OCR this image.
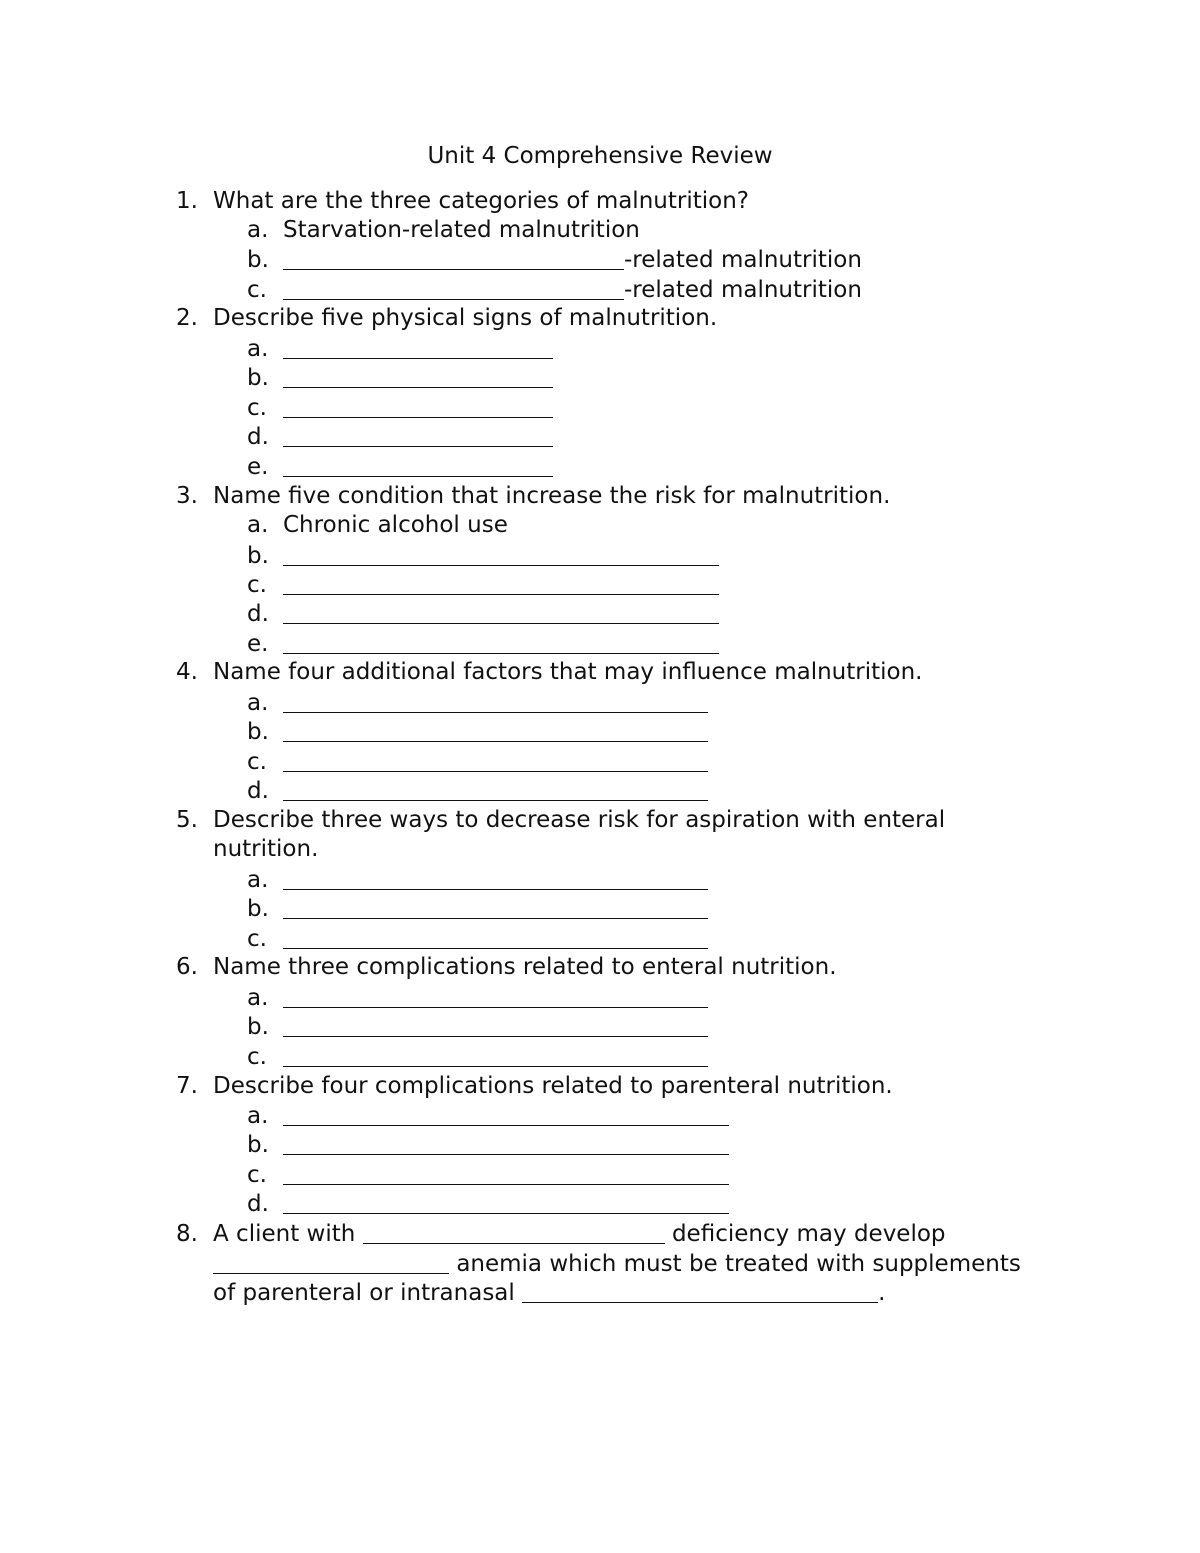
Unit 4 Comprehensive Review
1. What are the three categories of malnutrition?
a. Starvation-related malnutrition
b.	-related malnutrition
c.	-related malnutrition
2. Describe five physical signs of malnutrition.
a.
b.
c.
d.
e.
3. Name five condition that increase the risk for malnutrition.
a. Chronic alcohol use
b.
c.
d.
e.
4. Name four additional factors that may influence malnutrition.
a.
b.
c.
d.
5. Describe three ways to decrease risk for aspiration with enteral
nutrition.
a.
b.
c.
6. Name three complications related to enteral nutrition.
a.
b.
c.
7. Describe four complications related to parenteral nutrition.
a.
b.
c.
d.
8. A client with	deficiency may develop
anemia which must be treated with supplements
of parenteral or intranasal	.
